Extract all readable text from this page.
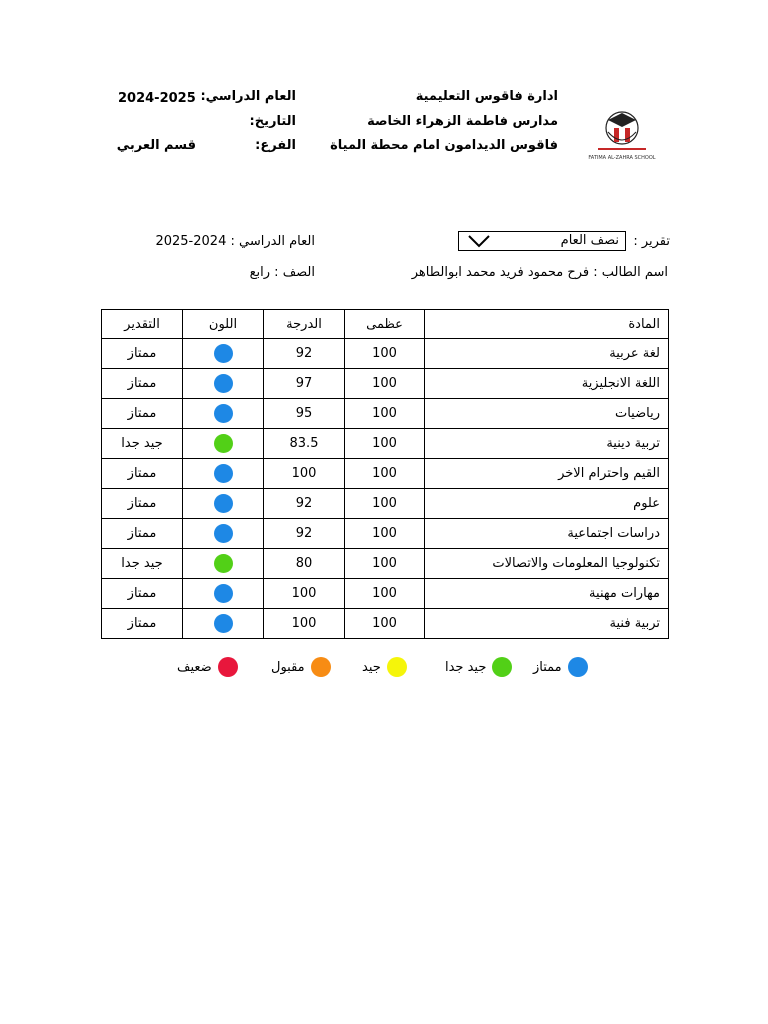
ادارة فاقوس التعليمية
مدارس فاطمة الزهراء الخاصة
فاقوس الديدامون امام محطة المياة
العام الدراسي:
2024-2025
التاريخ:
الفرع:
قسم العربي
FATIMA AL-ZAHRA SCHOOL
تقرير :
نصف العام
العام الدراسي : 2024-2025
اسم الطالب : فرح محمود فريد محمد ابوالطاهر
الصف : رابع
التقدير	اللون	الدرجة	عظمى	المادة
ممتاز		92	100	لغة عربية
ممتاز		97	100	اللغة الانجليزية
ممتاز		95	100	رياضيات
جيد جدا		83.5	100	تربية دينية
ممتاز		100	100	القيم واحترام الاخر
ممتاز		92	100	علوم
ممتاز		92	100	دراسات اجتماعية
جيد جدا		80	100	تكنولوجيا المعلومات والاتصالات
ممتاز		100	100	مهارات مهنية
ممتاز		100	100	تربية فنية
ممتاز
جيد جدا
جيد
مقبول
ضعيف
